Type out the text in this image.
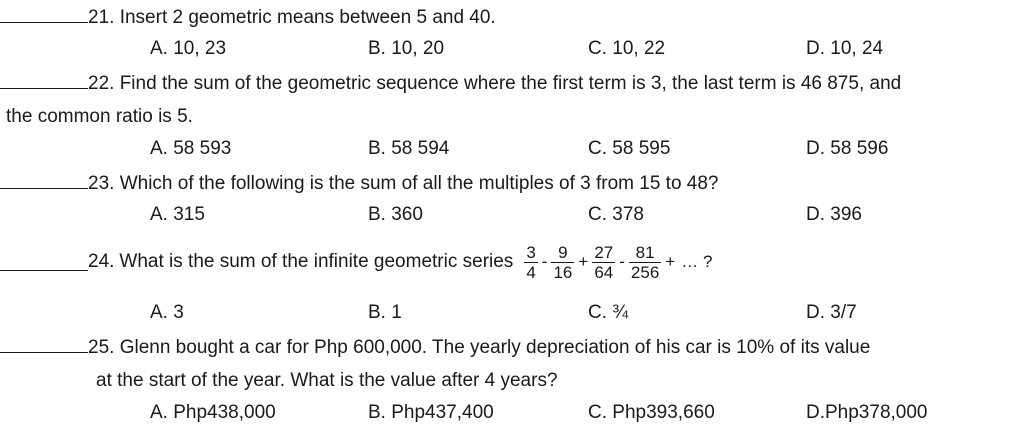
21. Insert 2 geometric means between 5 and 40.
A. 10, 23	B. 10, 20	C. 10, 22	D. 10, 24
22. Find the sum of the geometric sequence where the first term is 3, the last term is 46 875, and
the common ratio is 5.
A. 58 593	B. 58 594	C. 58 595	D. 58 596
23. Which of the following is the sum of all the multiples of 3 from 15 to 48?
A. 315	B. 360	C. 378	D. 396
24. What is the sum of the infinite geometric series $\frac{3}{4} - \frac{9}{16} + \frac{27}{64} - \frac{81}{256}$ + … ?
A. 3	B. 1	C. ¾	D. 3/7
25. Glenn bought a car for Php 600,000. The yearly depreciation of his car is 10% of its value
at the start of the year. What is the value after 4 years?
A. Php438,000	B. Php437,400	C. Php393,660	D.Php378,000
